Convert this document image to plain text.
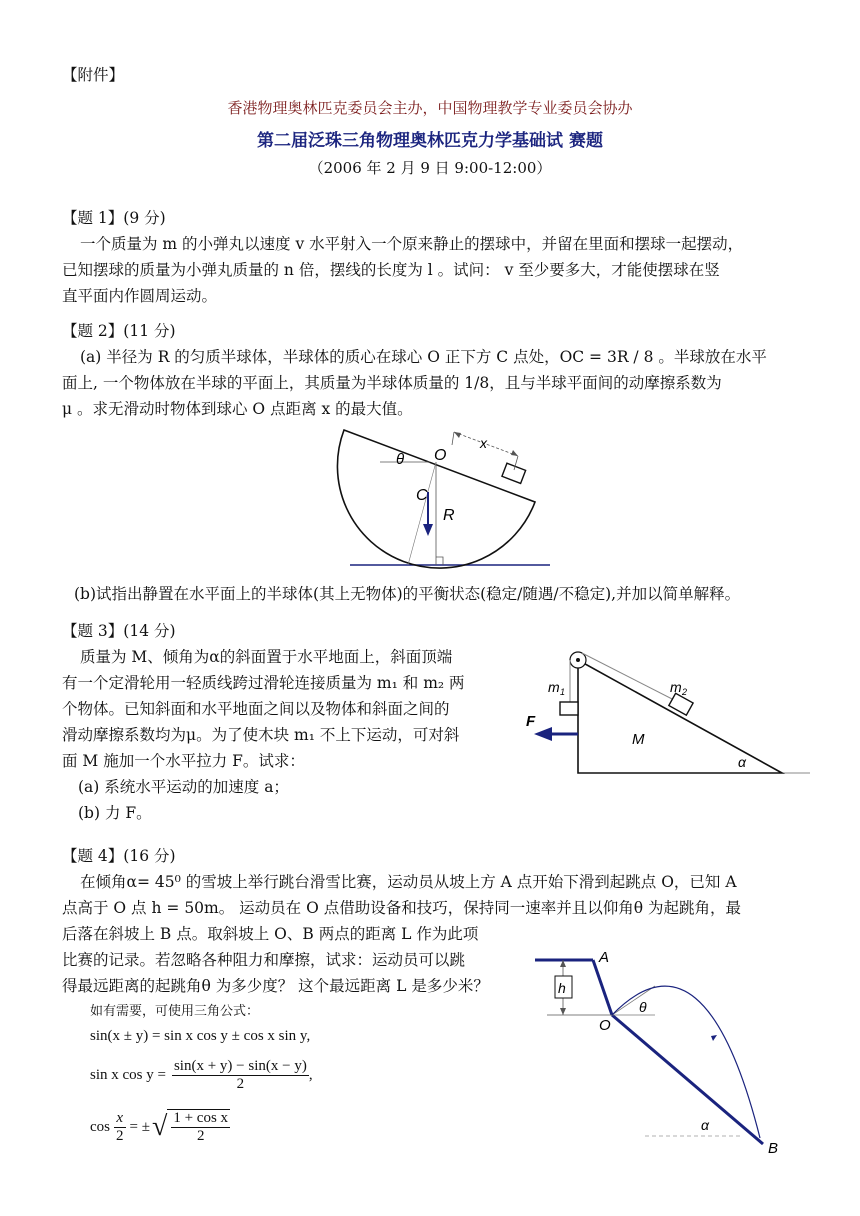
【附件】
香港物理奥林匹克委员会主办，中国物理教学专业委员会协办
第二届泛珠三角物理奥林匹克力学基础试 赛题
（2006 年 2 月 9 日 9:00-12:00）
【题 1】(9 分)
一个质量为 m 的小弹丸以速度 v 水平射入一个原来静止的摆球中，并留在里面和摆球一起摆动，
已知摆球的质量为小弹丸质量的 n 倍，摆线的长度为 l 。试问： v 至少要多大，才能使摆球在竖
直平面内作圆周运动。
【题 2】(11 分)
(a) 半径为 R 的匀质半球体，半球体的质心在球心 O 正下方 C 点处，OC = 3R / 8 。半球放在水平
面上, 一个物体放在半球的平面上，其质量为半球体质量的 1/8，且与半球平面间的动摩擦系数为
μ 。求无滑动时物体到球心 O 点距离 x 的最大值。
θ O
x
C
R
(b)试指出静置在水平面上的半球体(其上无物体)的平衡状态(稳定/随遇/不稳定),并加以简单解释。
【题 3】(14 分)
质量为 M、倾角为α的斜面置于水平地面上，斜面顶端
有一个定滑轮用一轻质线跨过滑轮连接质量为 m₁ 和 m₂ 两
个物体。已知斜面和水平地面之间以及物体和斜面之间的
滑动摩擦系数均为μ。为了使木块 m₁ 不上下运动，可对斜
面 M 施加一个水平拉力 F。试求：
(a) 系统水平运动的加速度 a；
(b) 力 F。
m 1	m 2
F
M
α
【题 4】(16 分)
在倾角α= 45⁰ 的雪坡上举行跳台滑雪比赛，运动员从坡上方 A 点开始下滑到起跳点 O，已知 A
点高于 O 点 h = 50m。 运动员在 O 点借助设备和技巧，保持同一速率并且以仰角θ 为起跳角，最
后落在斜坡上 B 点。取斜坡上 O、B 两点的距离 L 作为此项
比赛的记录。若忽略各种阻力和摩擦，试求：运动员可以跳
得最远距离的起跳角θ 为多少度？ 这个最远距离 L 是多少米？
如有需要，可使用三角公式：
sin(x ± y) = sin x cos y ± cos x sin y,
sin x $\cos y = \frac{\sin(x + y) - \sin(x - y)}{2}$ ,
$\cos \frac{x}{2}$ = ± √ $\frac{\text{1 + cos x}}{2}$
A
h
O
θ
α
B
